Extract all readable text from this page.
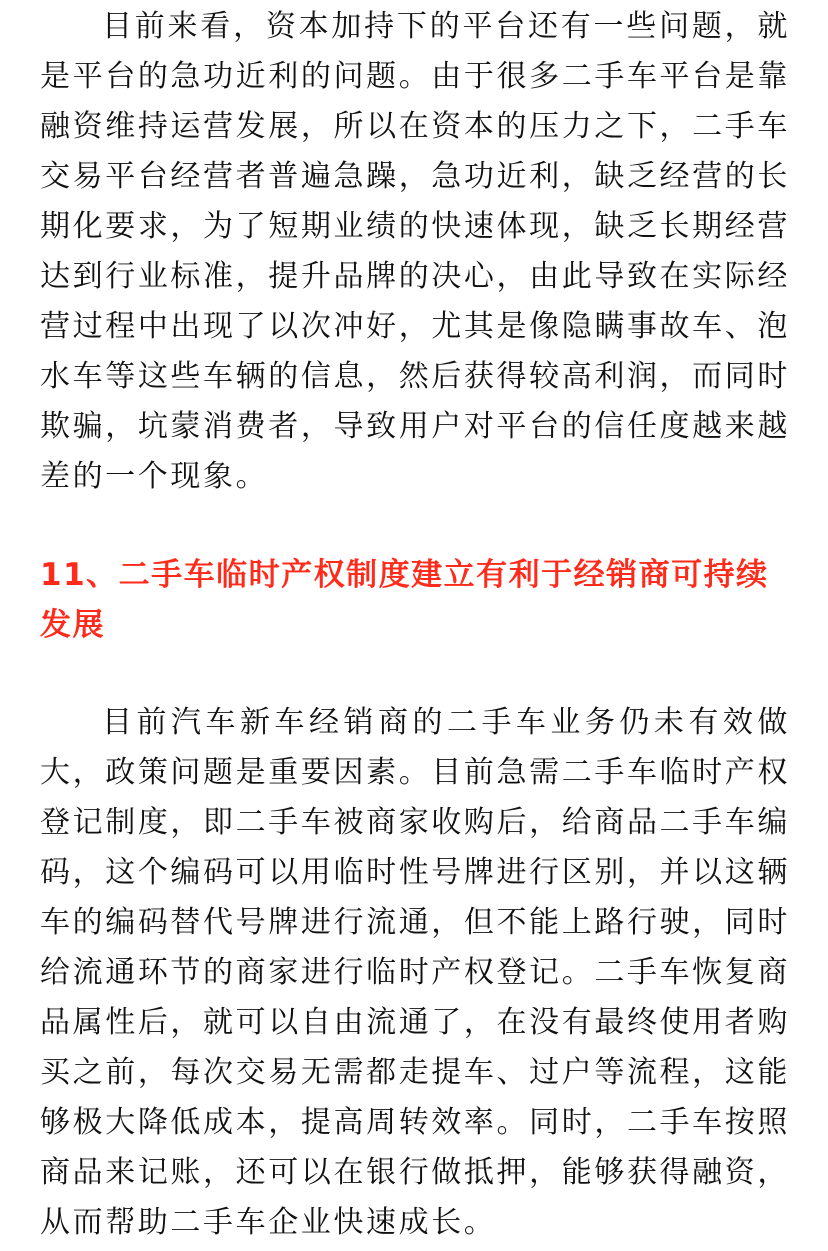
目前来看，资本加持下的平台还有一些问题，就是平台的急功近利的问题。由于很多二手车平台是靠融资维持运营发展，所以在资本的压力之下，二手车交易平台经营者普遍急躁，急功近利，缺乏经营的长期化要求，为了短期业绩的快速体现，缺乏长期经营达到行业标准，提升品牌的决心，由此导致在实际经营过程中出现了以次冲好，尤其是像隐瞒事故车、泡水车等这些车辆的信息，然后获得较高利润，而同时欺骗，坑蒙消费者，导致用户对平台的信任度越来越差的一个现象。

11、二手车临时产权制度建立有利于经销商可持续发展

目前汽车新车经销商的二手车业务仍未有效做大，政策问题是重要因素。目前急需二手车临时产权登记制度，即二手车被商家收购后，给商品二手车编码，这个编码可以用临时性号牌进行区别，并以这辆车的编码替代号牌进行流通，但不能上路行驶，同时给流通环节的商家进行临时产权登记。二手车恢复商品属性后，就可以自由流通了，在没有最终使用者购买之前，每次交易无需都走提车、过户等流程，这能够极大降低成本，提高周转效率。同时，二手车按照商品来记账，还可以在银行做抵押，能够获得融资，从而帮助二手车企业快速成长。
